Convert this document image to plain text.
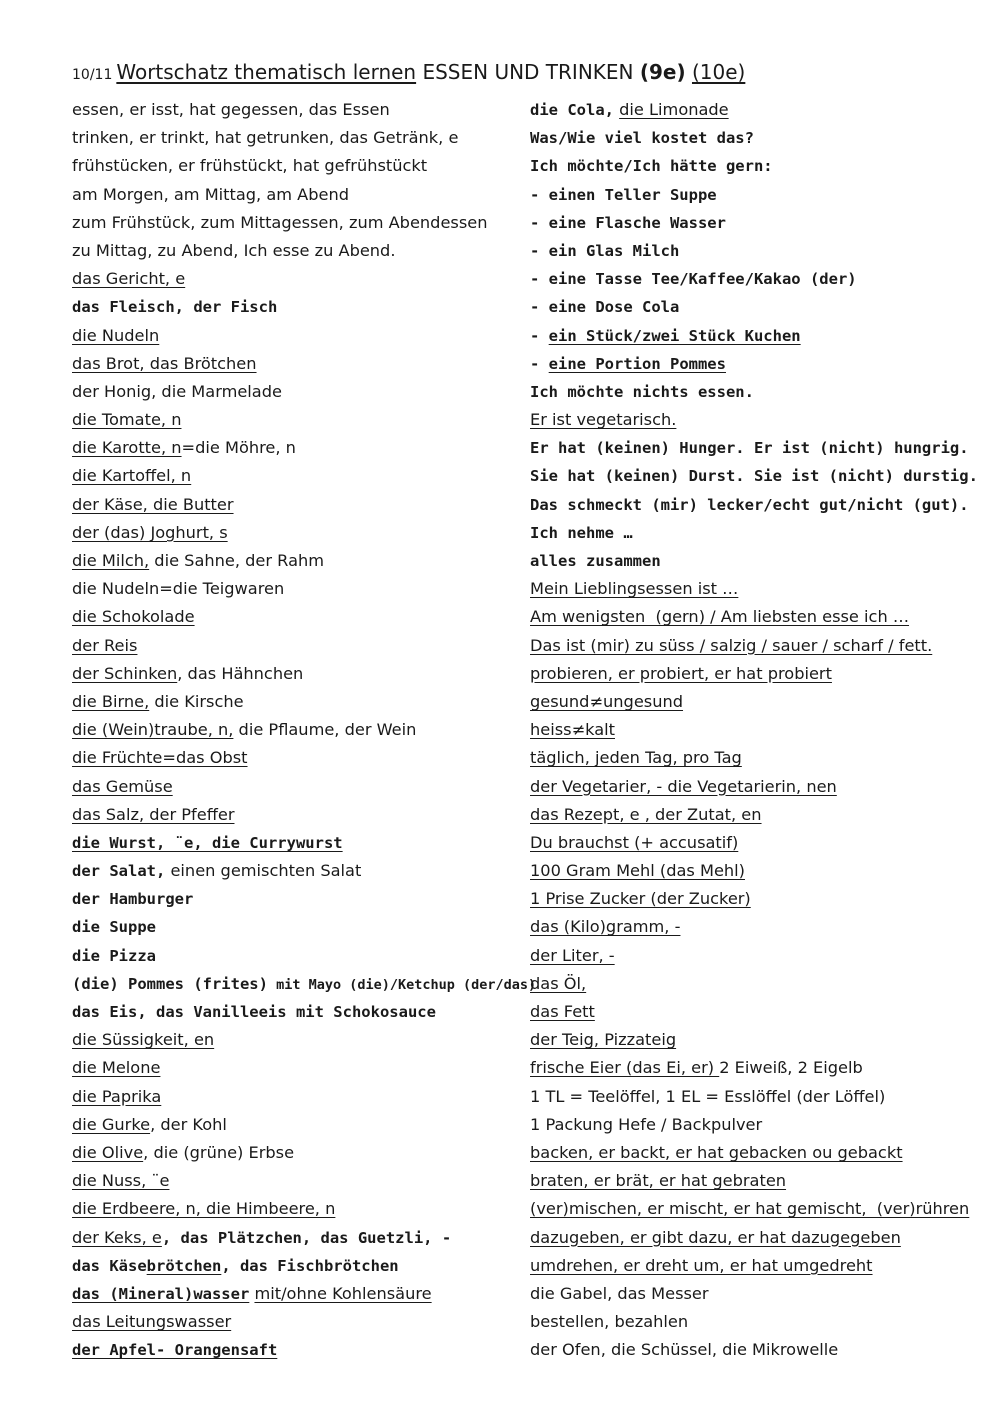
10/11 Wortschatz thematisch lernen ESSEN UND TRINKEN (9e) (10e)
essen, er isst, hat gegessen, das Essen
trinken, er trinkt, hat getrunken, das Getränk, e
frühstücken, er frühstückt, hat gefrühstückt
am Morgen, am Mittag, am Abend
zum Frühstück, zum Mittagessen, zum Abendessen
zu Mittag, zu Abend, Ich esse zu Abend.
das Gericht, e
das Fleisch, der Fisch
die Nudeln
das Brot, das Brötchen
der Honig, die Marmelade
die Tomate, n
die Karotte, n=die Möhre, n
die Kartoffel, n
der Käse, die Butter
der (das) Joghurt, s
die Milch, die Sahne, der Rahm
die Nudeln=die Teigwaren
die Schokolade
der Reis
der Schinken, das Hähnchen
die Birne, die Kirsche
die (Wein)traube, n, die Pflaume, der Wein
die Früchte=das Obst
das Gemüse
das Salz, der Pfeffer
die Wurst, ¨e, die Currywurst
der Salat, einen gemischten Salat
der Hamburger
die Suppe
die Pizza
(die) Pommes (frites) mit Mayo (die)/Ketchup (der/das)
das Eis, das Vanilleeis mit Schokosauce
die Süssigkeit, en
die Melone
die Paprika
die Gurke, der Kohl
die Olive, die (grüne) Erbse
die Nuss, ¨e
die Erdbeere, n, die Himbeere, n
der Keks, e, das Plätzchen, das Guetzli, -
das Käsebrötchen, das Fischbrötchen
das (Mineral)wasser mit/ohne Kohlensäure
das Leitungswasser
der Apfel- Orangensaft
die Cola, die Limonade
Was/Wie viel kostet das?
Ich möchte/Ich hätte gern:
- einen Teller Suppe
- eine Flasche Wasser
- ein Glas Milch
- eine Tasse Tee/Kaffee/Kakao (der)
- eine Dose Cola
- ein Stück/zwei Stück Kuchen
- eine Portion Pommes
Ich möchte nichts essen.
Er ist vegetarisch.
Er hat (keinen) Hunger. Er ist (nicht) hungrig.
Sie hat (keinen) Durst. Sie ist (nicht) durstig.
Das schmeckt (mir) lecker/echt gut/nicht (gut).
Ich nehme …
alles zusammen
Mein Lieblingsessen ist …
Am wenigsten  (gern) / Am liebsten esse ich …
Das ist (mir) zu süss / salzig / sauer / scharf / fett.
probieren, er probiert, er hat probiert
gesund≠ungesund
heiss≠kalt
täglich, jeden Tag, pro Tag
der Vegetarier, - die Vegetarierin, nen
das Rezept, e , der Zutat, en
Du brauchst (+ accusatif)
100 Gram Mehl (das Mehl)
1 Prise Zucker (der Zucker)
das (Kilo)gramm, -
der Liter, -
das Öl,
das Fett
der Teig, Pizzateig
frische Eier (das Ei, er) 2 Eiweiß, 2 Eigelb
1 TL = Teelöffel, 1 EL = Esslöffel (der Löffel)
1 Packung Hefe / Backpulver
backen, er backt, er hat gebacken ou gebackt
braten, er brät, er hat gebraten
(ver)mischen, er mischt, er hat gemischt,  (ver)rühren
dazugeben, er gibt dazu, er hat dazugegeben
umdrehen, er dreht um, er hat umgedreht
die Gabel, das Messer
bestellen, bezahlen
der Ofen, die Schüssel, die Mikrowelle
